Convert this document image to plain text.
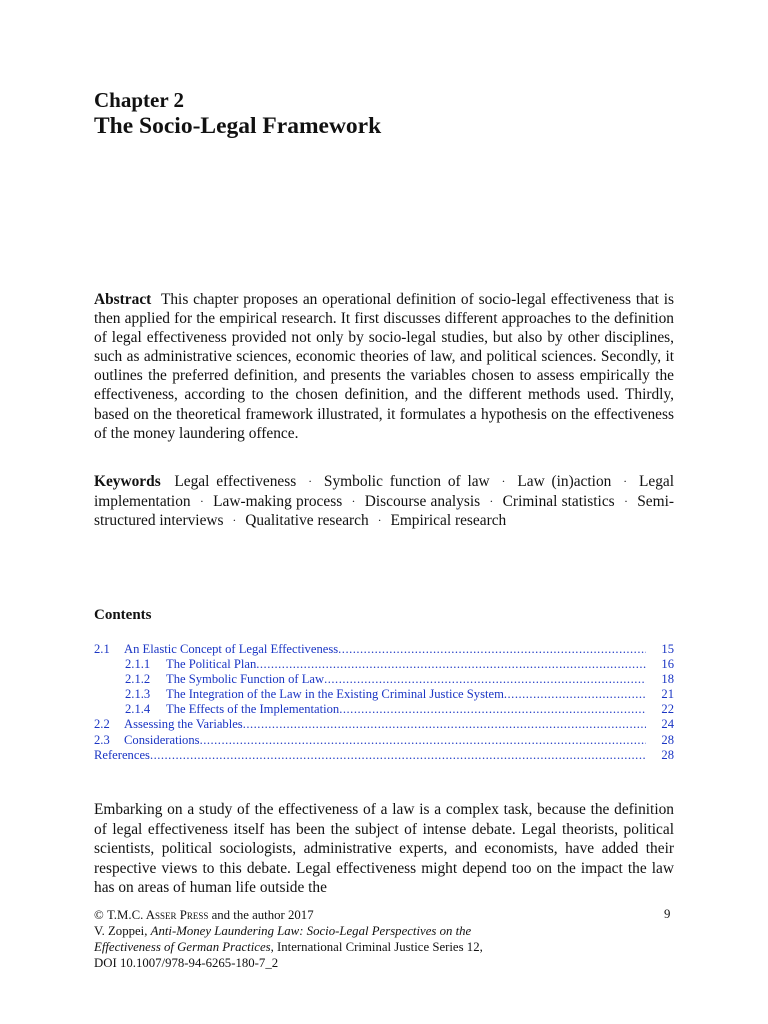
Chapter 2
The Socio-Legal Framework
Abstract This chapter proposes an operational definition of socio-legal effectiveness that is then applied for the empirical research. It first discusses different approaches to the definition of legal effectiveness provided not only by socio-legal studies, but also by other disciplines, such as administrative sciences, economic theories of law, and political sciences. Secondly, it outlines the preferred definition, and presents the variables chosen to assess empirically the effectiveness, according to the chosen definition, and the different methods used. Thirdly, based on the theoretical framework illustrated, it formulates a hypothesis on the effectiveness of the money laundering offence.
Keywords Legal effectiveness · Symbolic function of law · Law (in)action · Legal implementation · Law-making process · Discourse analysis · Criminal statistics · Semi-structured interviews · Qualitative research · Empirical research
Contents
2.1	An Elastic Concept of Legal Effectiveness .....	15
2.1.1	The Political Plan .....	16
2.1.2	The Symbolic Function of Law .....	18
2.1.3	The Integration of the Law in the Existing Criminal Justice System .....	21
2.1.4	The Effects of the Implementation .....	22
2.2	Assessing the Variables .....	24
2.3	Considerations .....	28
References .....	28
Embarking on a study of the effectiveness of a law is a complex task, because the definition of legal effectiveness itself has been the subject of intense debate. Legal theorists, political scientists, political sociologists, administrative experts, and economists, have added their respective views to this debate. Legal effectiveness might depend too on the impact the law has on areas of human life outside the
© T.M.C. Asser Press and the author 2017
V. Zoppei, Anti-Money Laundering Law: Socio-Legal Perspectives on the
Effectiveness of German Practices, International Criminal Justice Series 12,
DOI 10.1007/978-94-6265-180-7_2
9
